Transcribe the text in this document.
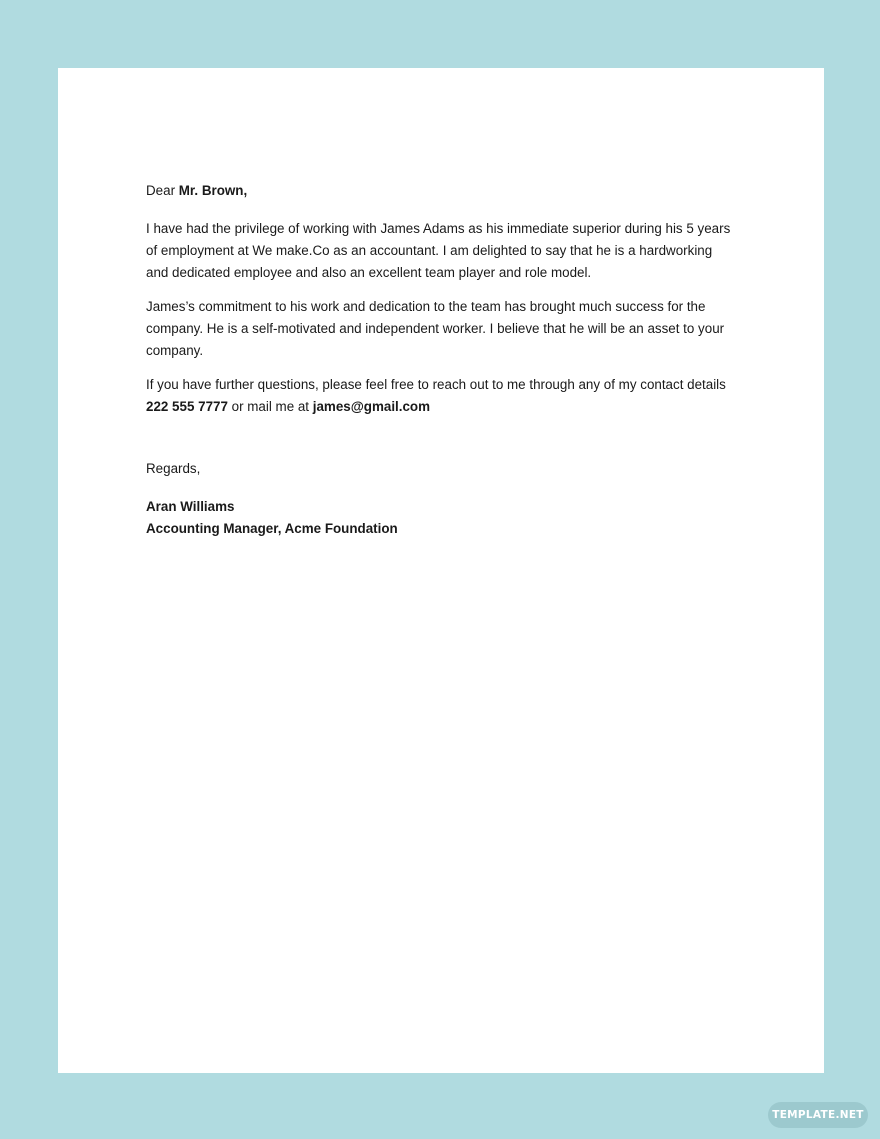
Dear Mr. Brown,

I have had the privilege of working with James Adams as his immediate superior during his 5 years of employment at We make.Co as an accountant. I am delighted to say that he is a hardworking and dedicated employee and also an excellent team player and role model.

James’s commitment to his work and dedication to the team has brought much success for the company. He is a self-motivated and independent worker. I believe that he will be an asset to your company.

If you have further questions, please feel free to reach out to me through any of my contact details 222 555 7777 or mail me at james@gmail.com

Regards,

Aran Williams

Accounting Manager, Acme Foundation

TEMPLATE.NET
